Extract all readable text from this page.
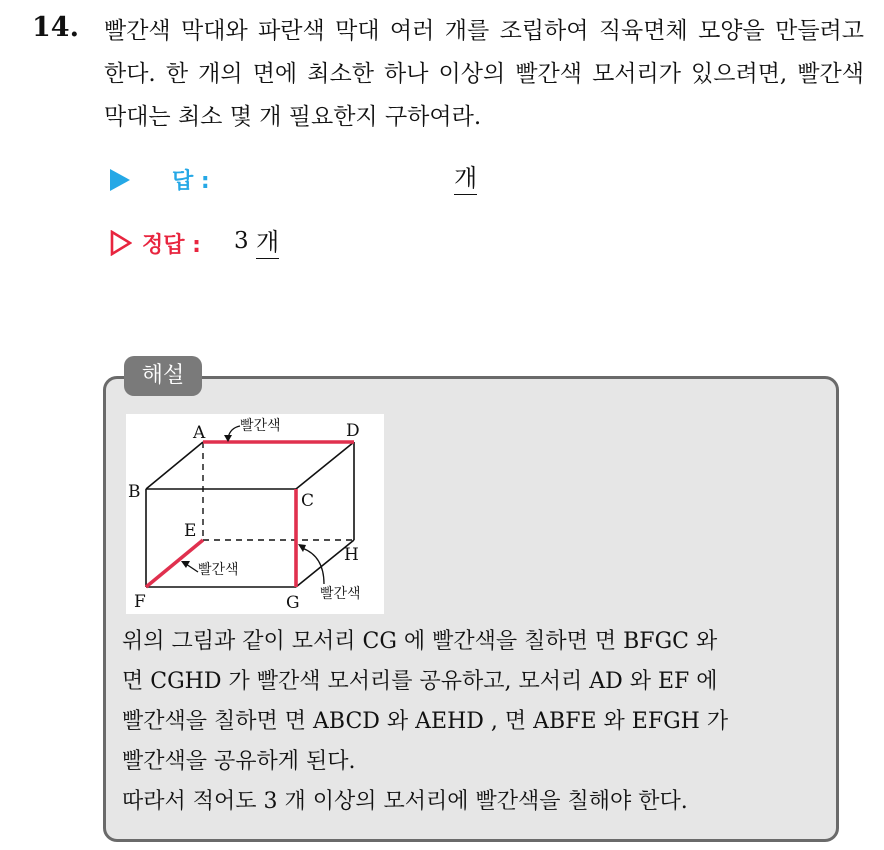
14. 빨간색 막대와 파란색 막대 여러 개를 조립하여 직육면체 모양을 만들려고 한다. 한 개의 면에 최소한 하나 이상의 빨간색 모서리가 있으려면, 빨간색 막대는 최소 몇 개 필요한지 구하여라.
답 :	개
정답 : 3 개
해설
A	D
B	C
E
H
F	G
빨간색
빨간색
빨간색
위의 그림과 같이 모서리 CG 에 빨간색을 칠하면 면 BFGC 와
면 CGHD 가 빨간색 모서리를 공유하고, 모서리 AD 와 EF 에
빨간색을 칠하면 면 ABCD 와 AEHD , 면 ABFE 와 EFGH 가
빨간색을 공유하게 된다.
따라서 적어도 3 개 이상의 모서리에 빨간색을 칠해야 한다.
